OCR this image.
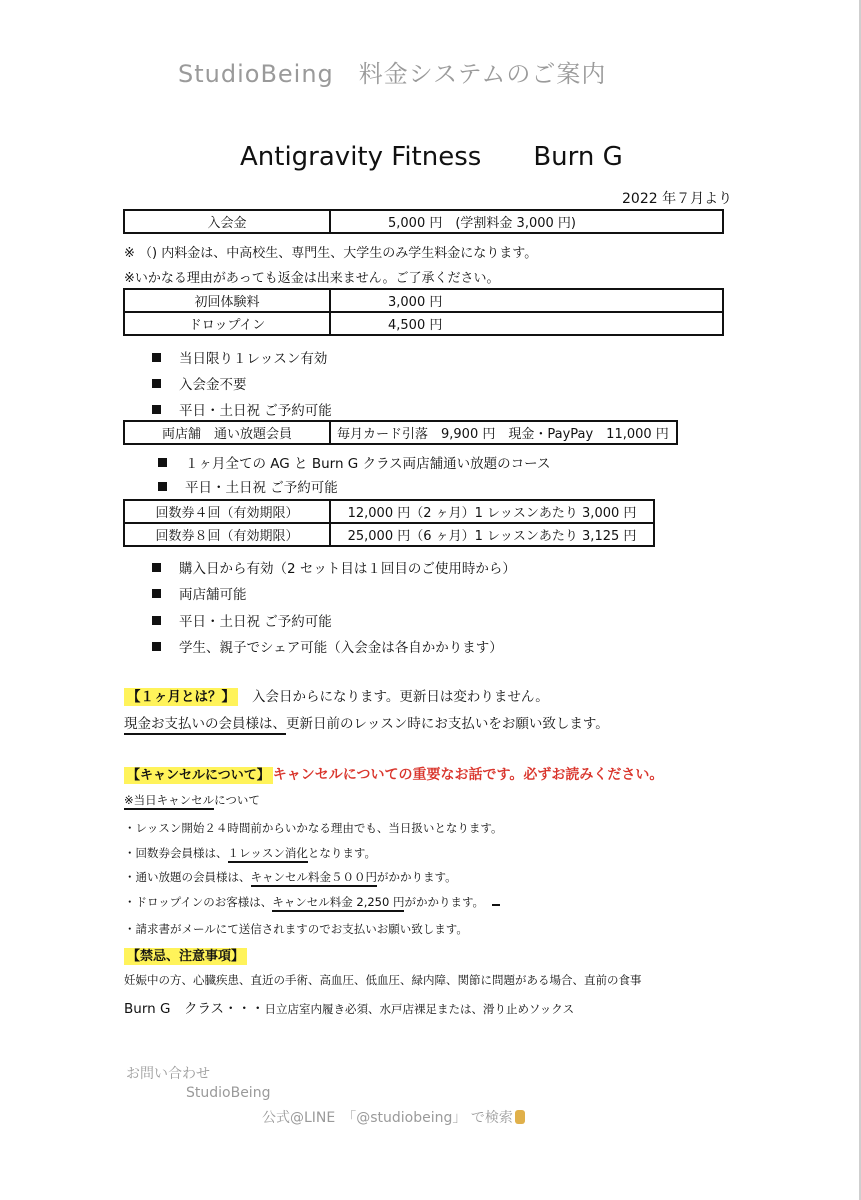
StudioBeing　料金システムのご案内
Antigravity Fitness Burn G
2022 年７月より
入会金	5,000 円　(学割料金 3,000 円)
※ （) 内料金は、中高校生、専門生、大学生のみ学生料金になります。
※いかなる理由があっても返金は出来ません。ご了承ください。
初回体験料	3,000 円
ドロップイン	4,500 円
当日限り１レッスン有効
入会金不要
平日・土日祝 ご予約可能
両店舗　通い放題会員	毎月カード引落　9,900 円　現金・PayPay　11,000 円
１ヶ月全ての AG と Burn G クラス両店舗通い放題のコース
平日・土日祝 ご予約可能
回数券４回（有効期限）	12,000 円（2 ヶ月）1 レッスンあたり 3,000 円
回数券８回（有効期限）	25,000 円（6 ヶ月）1 レッスンあたり 3,125 円
購入日から有効（2 セット目は１回目のご使用時から）
両店舗可能
平日・土日祝 ご予約可能
学生、親子でシェア可能（入会金は各自かかります）
【１ヶ月とは？】 入会日からになります。更新日は変わりません。
現金お支払いの会員様は、更新日前のレッスン時にお支払いをお願い致します。
【キャンセルについて】 キャンセルについての重要なお話です。必ずお読みください。
※当日キャンセルについて
・レッスン開始２４時間前からいかなる理由でも、当日扱いとなります。
・回数券会員様は、１レッスン消化となります。
・通い放題の会員様は、キャンセル料金５００円がかかります。
・ドロップインのお客様は、キャンセル料金 2,250 円がかかります。
・請求書がメールにて送信されますのでお支払いお願い致します。
【禁忌、注意事項】
妊娠中の方、心臓疾患、直近の手術、高血圧、低血圧、緑内障、関節に問題がある場合、直前の食事
Burn G　クラス・・・日立店室内履き必須、水戸店裸足または、滑り止めソックス
お問い合わせ
StudioBeing
公式@LINE　「@studiobeing」 で検索
